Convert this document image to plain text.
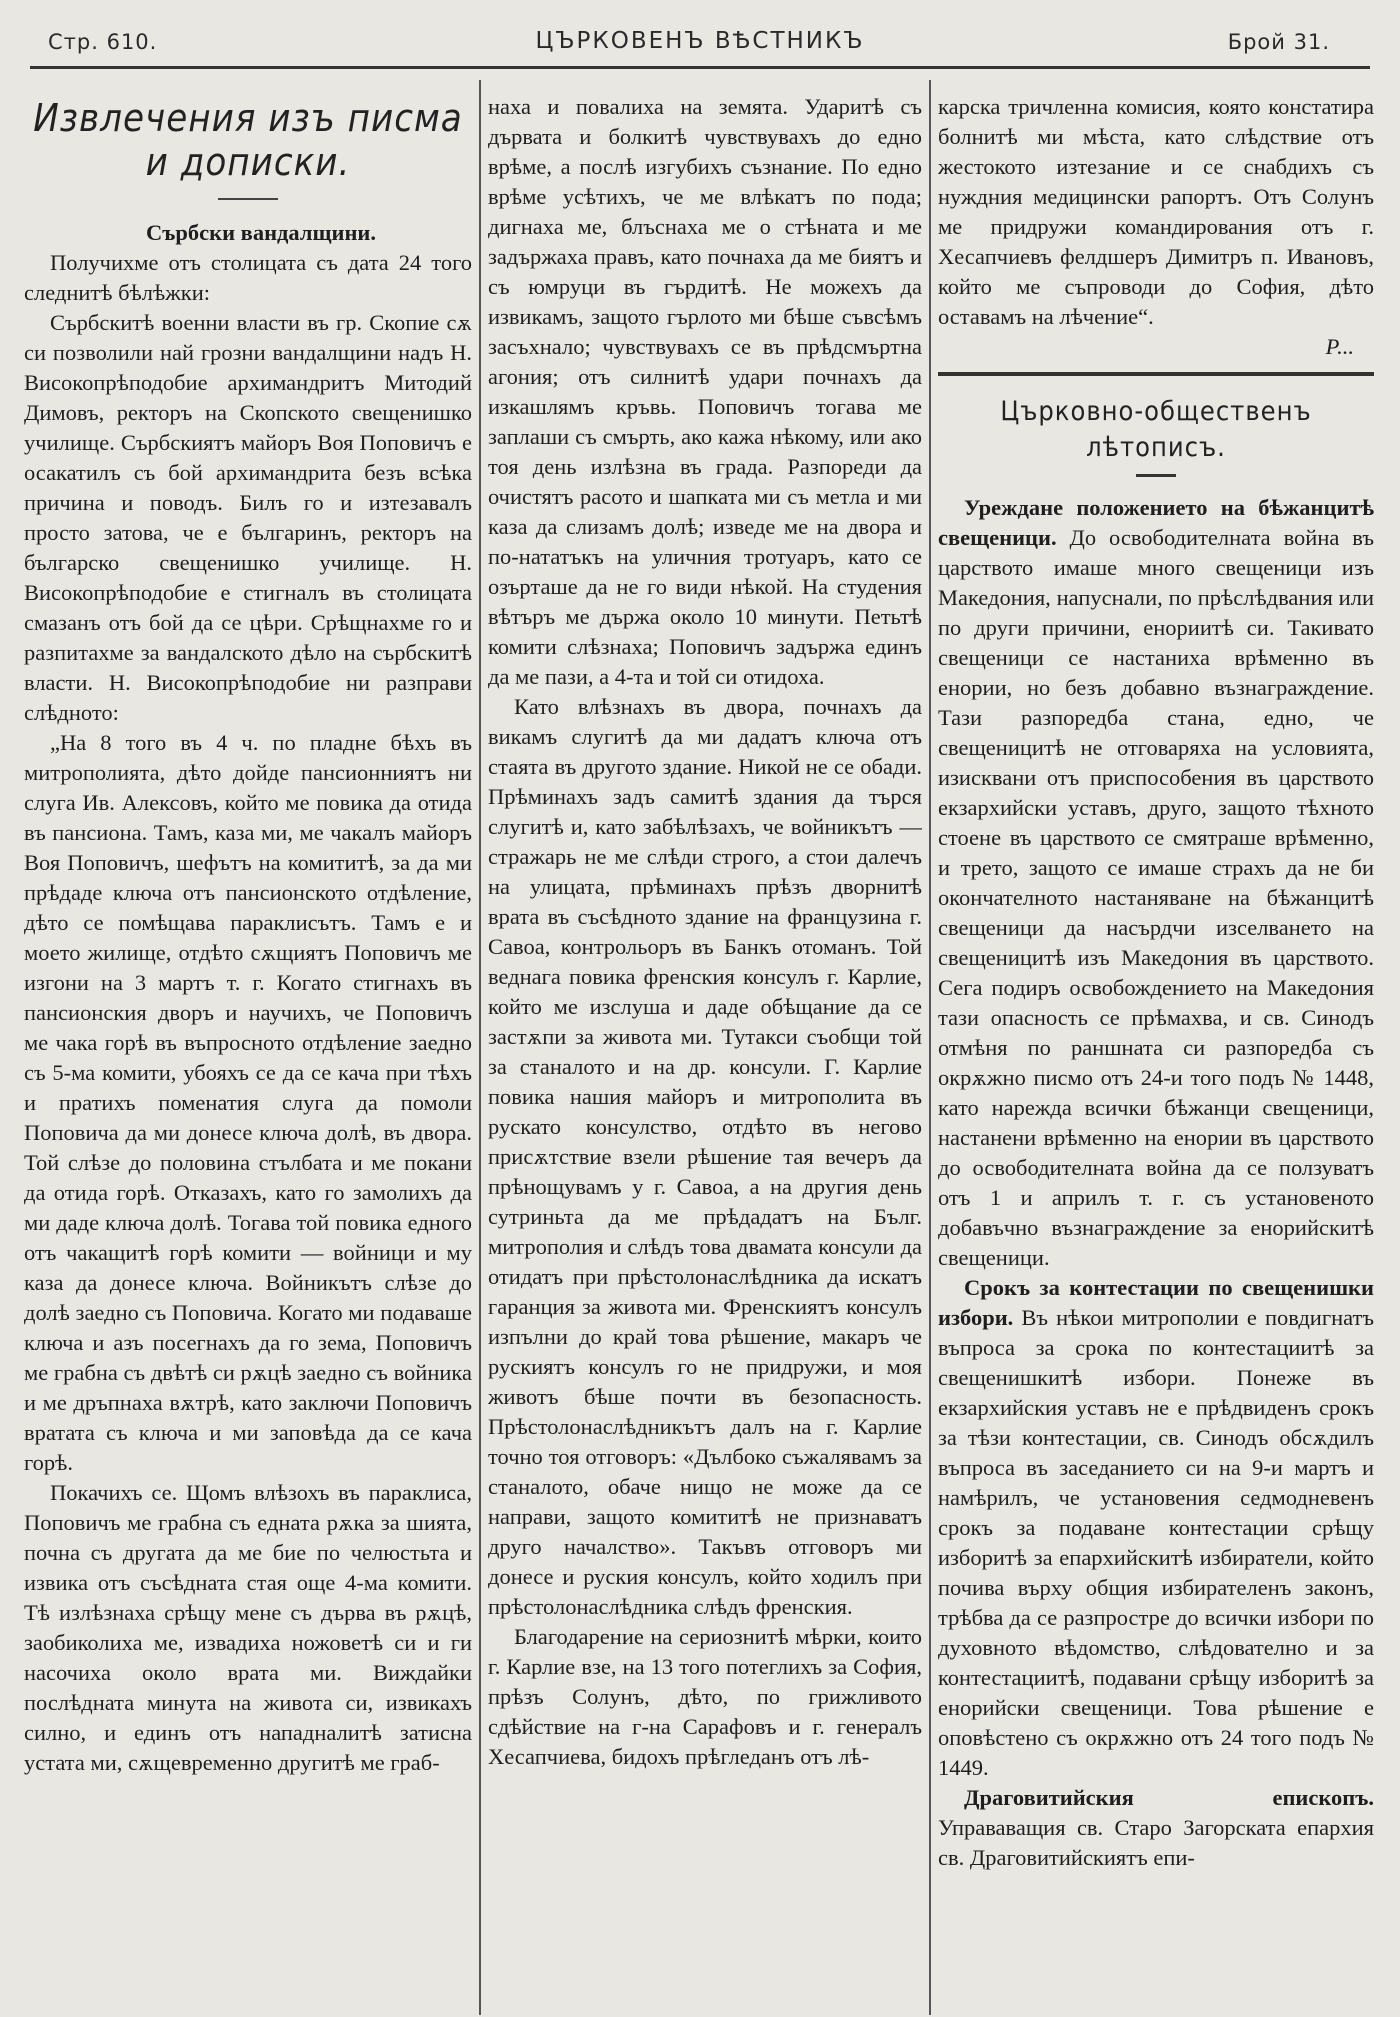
Стр. 610.	ЦЪРКОВЕНЪ ВѢСТНИКЪ	Брой 31.
Извлечения изъ писма и дописки.

Сърбски вандалщини.

Получихме отъ столицата съ дата 24 того следнитѣ бѣлѣжки:

Сърбскитѣ военни власти въ гр. Скопие сѫ си позволили най грозни вандалщини надъ Н. Високопрѣподобие архимандритъ Митодий Димовъ, ректоръ на Скопското свещенишко училище. Сърбскиятъ майоръ Воя Поповичъ е осакатилъ съ бой архимандрита безъ всѣка причина и поводъ. Билъ го и изтезавалъ просто затова, че е българинъ, ректоръ на българско свещенишко училище. Н. Високопрѣподобие е стигналъ въ столицата смазанъ отъ бой да се цѣри. Срѣщнахме го и разпитахме за вандалското дѣло на сърбскитѣ власти. Н. Високопрѣподобие ни разправи слѣдното:

„На 8 того въ 4 ч. по пладне бѣхъ въ митрополията, дѣто дойде пансионниятъ ни слуга Ив. Алексовъ, който ме повика да отида въ пансиона. Тамъ, каза ми, ме чакалъ майоръ Воя Поповичъ, шефътъ на комититѣ, за да ми прѣдаде ключа отъ пансионското отдѣление, дѣто се помѣщава параклисътъ. Тамъ е и моето жилище, отдѣто сѫщиятъ Поповичъ ме изгони на 3 мартъ т. г. Когато стигнахъ въ пансионския дворъ и научихъ, че Поповичъ ме чака горѣ въ въпросното отдѣление заедно съ 5-ма комити, убояхъ се да се кача при тѣхъ и пратихъ поменатия слуга да помоли Поповича да ми донесе ключа долѣ, въ двора. Той слѣзе до половина стълбата и ме покани да отида горѣ. Отказахъ, като го замолихъ да ми даде ключа долѣ. Тогава той повика едного отъ чакащитѣ горѣ комити — войници и му каза да донесе ключа. Войникътъ слѣзе до долѣ заедно съ Поповича. Когато ми подаваше ключа и азъ посегнахъ да го зема, Поповичъ ме грабна съ двѣтѣ си рѫцѣ заедно съ войника и ме дръпнаха вѫтрѣ, като заключи Поповичъ вратата съ ключа и ми заповѣда да се кача горѣ.

Покачихъ се. Щомъ влѣзохъ въ параклиса, Поповичъ ме грабна съ едната рѫка за шията, почна съ другата да ме бие по челюстьта и извика отъ съсѣдната стая още 4-ма комити. Тѣ излѣзнаха срѣщу мене съ дърва въ рѫцѣ, заобиколиха ме, извадиха ножоветѣ си и ги насочиха около врата ми. Виждайки послѣдната минута на живота си, извикахъ силно, и единъ отъ нападналитѣ затисна устата ми, сѫщевременно другитѣ ме граб-

наха и повалиха на земята. Ударитѣ съ дървата и болкитѣ чувствувахъ до едно врѣме, а послѣ изгубихъ съзнание. По едно врѣме усѣтихъ, че ме влѣкатъ по пода; дигнаха ме, блъснаха ме о стѣната и ме задържаха правъ, като почнаха да ме биятъ и съ юмруци въ гърдитѣ. Не можехъ да извикамъ, защото гърлото ми бѣше съвсѣмъ засъхнало; чувствувахъ се въ прѣдсмъртна агония; отъ силнитѣ удари почнахъ да изкашлямъ кръвь. Поповичъ тогава ме заплаши съ смърть, ако кажа нѣкому, или ако тоя день излѣзна въ града. Разпореди да очистятъ расото и шапката ми съ метла и ми каза да слизамъ долѣ; изведе ме на двора и по-нататъкъ на уличния тротуаръ, като се озърташе да не го види нѣкой. На студения вѣтъръ ме държа около 10 минути. Петьтѣ комити слѣзнаха; Поповичъ задържа единъ да ме пази, а 4-та и той си отидоха.

Като влѣзнахъ въ двора, почнахъ да викамъ слугитѣ да ми дадатъ ключа отъ стаята въ другото здание. Никой не се обади. Прѣминахъ задъ самитѣ здания да търся слугитѣ и, като забѣлѣзахъ, че войникътъ — стражарь не ме слѣди строго, а стои далечъ на улицата, прѣминахъ прѣзъ дворнитѣ врата въ съсѣдното здание на французина г. Савоа, контрольоръ въ Банкъ отоманъ. Той веднага повика френския консулъ г. Карлие, който ме изслуша и даде обѣщание да се застѫпи за живота ми. Тутакси съобщи той за станалото и на др. консули. Г. Карлие повика нашия майоръ и митрополита въ рускато консулство, отдѣто въ негово присѫтствие взели рѣшение тая вечеръ да прѣнощувамъ у г. Савоа, а на другия день сутриньта да ме прѣдадатъ на Бълг. митрополия и слѣдъ това двамата консули да отидатъ при прѣстолонаслѣдника да искатъ гаранция за живота ми. Френскиятъ консулъ изпълни до край това рѣшение, макаръ че рускиятъ консулъ го не придружи, и моя животъ бѣше почти въ безопасность. Прѣстолонаслѣдникътъ далъ на г. Карлие точно тоя отговоръ: «Дълбоко съжалявамъ за станалото, обаче нищо не може да се направи, защото комититѣ не признаватъ друго началство». Такъвъ отговоръ ми донесе и руския консулъ, който ходилъ при прѣстолонаслѣдника слѣдъ френския.

Благодарение на сериознитѣ мѣрки, които г. Карлие взе, на 13 того потеглихъ за София, прѣзъ Солунъ, дѣто, по грижливото сдѣйствие на г-на Сарафовъ и г. генералъ Хесапчиева, бидохъ прѣгледанъ отъ лѣ-

карска тричленна комисия, която констатира болнитѣ ми мѣста, като слѣдствие отъ жестокото изтезание и се снабдихъ съ нуждния медицински рапортъ. Отъ Солунъ ме придружи командирования отъ г. Хесапчиевъ фелдшеръ Димитръ п. Ивановъ, който ме съпроводи до София, дѣто оставамъ на лѣчение“.

Р...

Църковно-общественъ лѣтописъ.

Уреждане положението на бѣжанцитѣ свещеници. До освободителната война въ царството имаше много свещеници изъ Македония, напуснали, по прѣслѣдвания или по други причини, енориитѣ си. Такивато свещеници се настаниха врѣменно въ енории, но безъ добавно възнаграждение. Тази разпоредба стана, едно, че свещеницитѣ не отговаряха на условията, изисквани отъ приспособения въ царството екзархийски уставъ, друго, защото тѣхното стоене въ царството се смятраше врѣменно, и трето, защото се имаше страхъ да не би окончателното настаняване на бѣжанцитѣ свещеници да насърдчи изселването на свещеницитѣ изъ Македония въ царството. Сега подиръ освобождението на Македония тази опасность се прѣмахва, и св. Синодъ отмѣня по раншната си разпоредба съ окрѫжно писмо отъ 24-и того подъ № 1448, като нарежда всички бѣжанци свещеници, настанени врѣменно на енории въ царството до освободителната война да се ползуватъ отъ 1 и априлъ т. г. съ установеното добавъчно възнаграждение за енорийскитѣ свещеници.

Срокъ за контестации по свещенишки избори. Въ нѣкои митрополии е повдигнатъ въпроса за срока по контестациитѣ за свещенишкитѣ избори. Понеже въ екзархийския уставъ не е прѣдвиденъ срокъ за тѣзи контестации, св. Синодъ обсѫдилъ въпроса въ заседанието си на 9-и мартъ и намѣрилъ, че установения седмодневенъ срокъ за подаване контестации срѣщу изборитѣ за епархийскитѣ избиратели, който почива върху общия избирателенъ законъ, трѣбва да се разпростре до всички избори по духовното вѣдомство, слѣдователно и за контестациитѣ, подавани срѣщу изборитѣ за енорийски свещеници. Това рѣшение е оповѣстено съ окрѫжно отъ 24 того подъ № 1449.

Драговитийския епископъ. Управаващия св. Старо Загорската епархия св. Драговитийскиятъ епи-
